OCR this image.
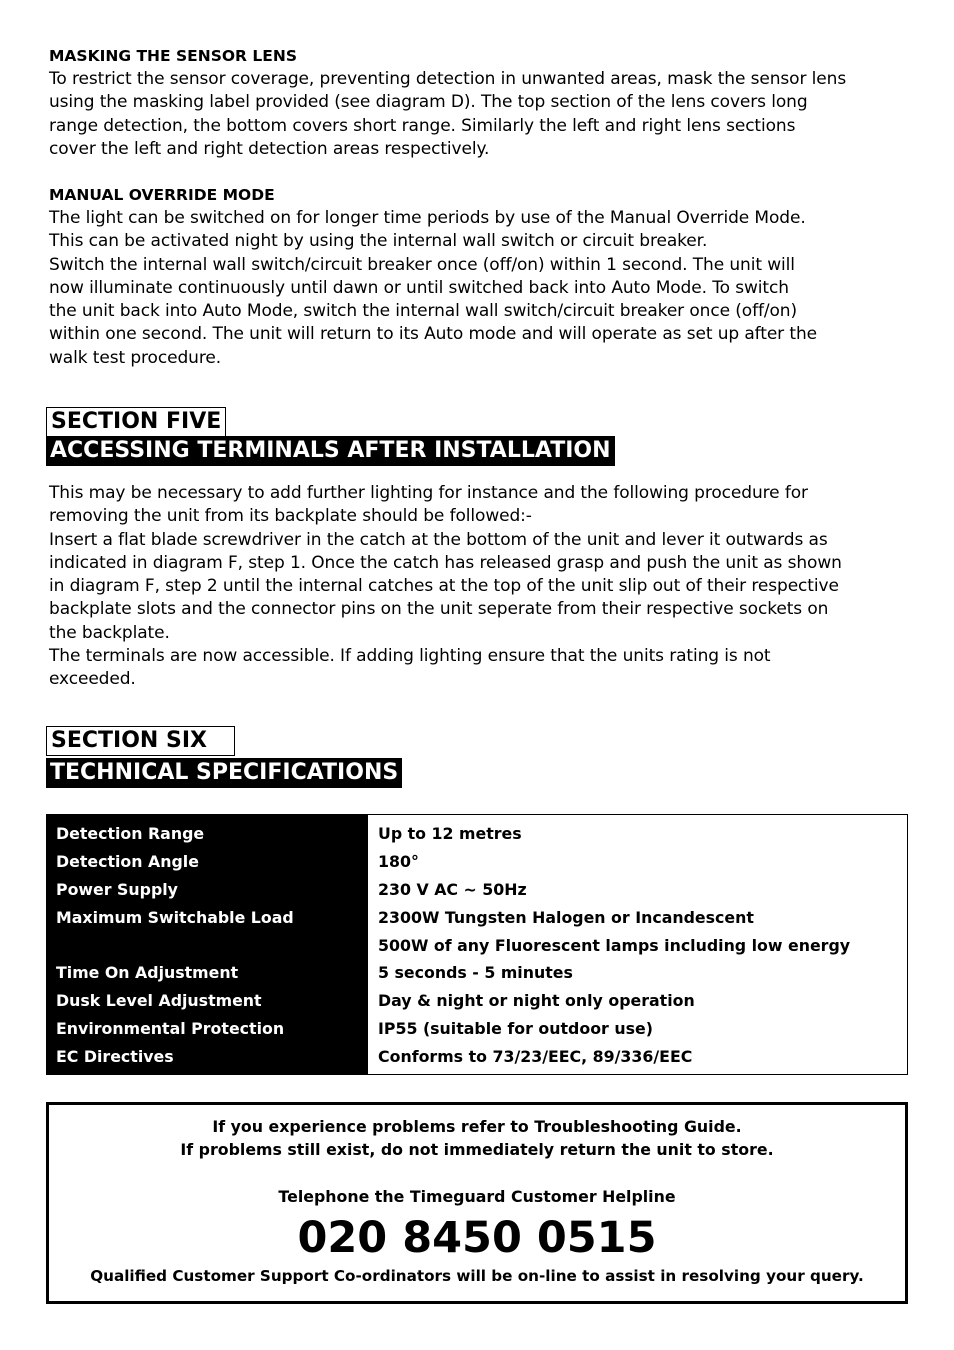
MASKING THE SENSOR LENS

To restrict the sensor coverage, preventing detection in unwanted areas, mask the sensor lens
using the masking label provided (see diagram D). The top section of the lens covers long
range detection, the bottom covers short range. Similarly the left and right lens sections
cover the left and right detection areas respectively.

MANUAL OVERRIDE MODE

The light can be switched on for longer time periods by use of the Manual Override Mode.
This can be activated night by using the internal wall switch or circuit breaker.
Switch the internal wall switch/circuit breaker once (off/on) within 1 second. The unit will
now illuminate continuously until dawn or until switched back into Auto Mode. To switch
the unit back into Auto Mode, switch the internal wall switch/circuit breaker once (off/on)
within one second. The unit will return to its Auto mode and will operate as set up after the
walk test procedure.

SECTION FIVE
ACCESSING TERMINALS AFTER INSTALLATION

This may be necessary to add further lighting for instance and the following procedure for
removing the unit from its backplate should be followed:-
Insert a flat blade screwdriver in the catch at the bottom of the unit and lever it outwards as
indicated in diagram F, step 1. Once the catch has released grasp and push the unit as shown
in diagram F, step 2 until the internal catches at the top of the unit slip out of their respective
backplate slots and the connector pins on the unit seperate from their respective sockets on
the backplate.
The terminals are now accessible. If adding lighting ensure that the units rating is not
exceeded.

SECTION SIX
TECHNICAL SPECIFICATIONS
Detection Range
Detection Angle
Power Supply
Maximum Switchable Load
Time On Adjustment
Dusk Level Adjustment
Environmental Protection
EC Directives
Up to 12 metres
180°
230 V AC ~ 50Hz
2300W Tungsten Halogen or Incandescent
500W of any Fluorescent lamps including low energy
5 seconds - 5 minutes
Day & night or night only operation
IP55 (suitable for outdoor use)
Conforms to 73/23/EEC, 89/336/EEC
If you experience problems refer to Troubleshooting Guide.
If problems still exist, do not immediately return the unit to store.
Telephone the Timeguard Customer Helpline
020 8450 0515
Qualified Customer Support Co-ordinators will be on-line to assist in resolving your query.
